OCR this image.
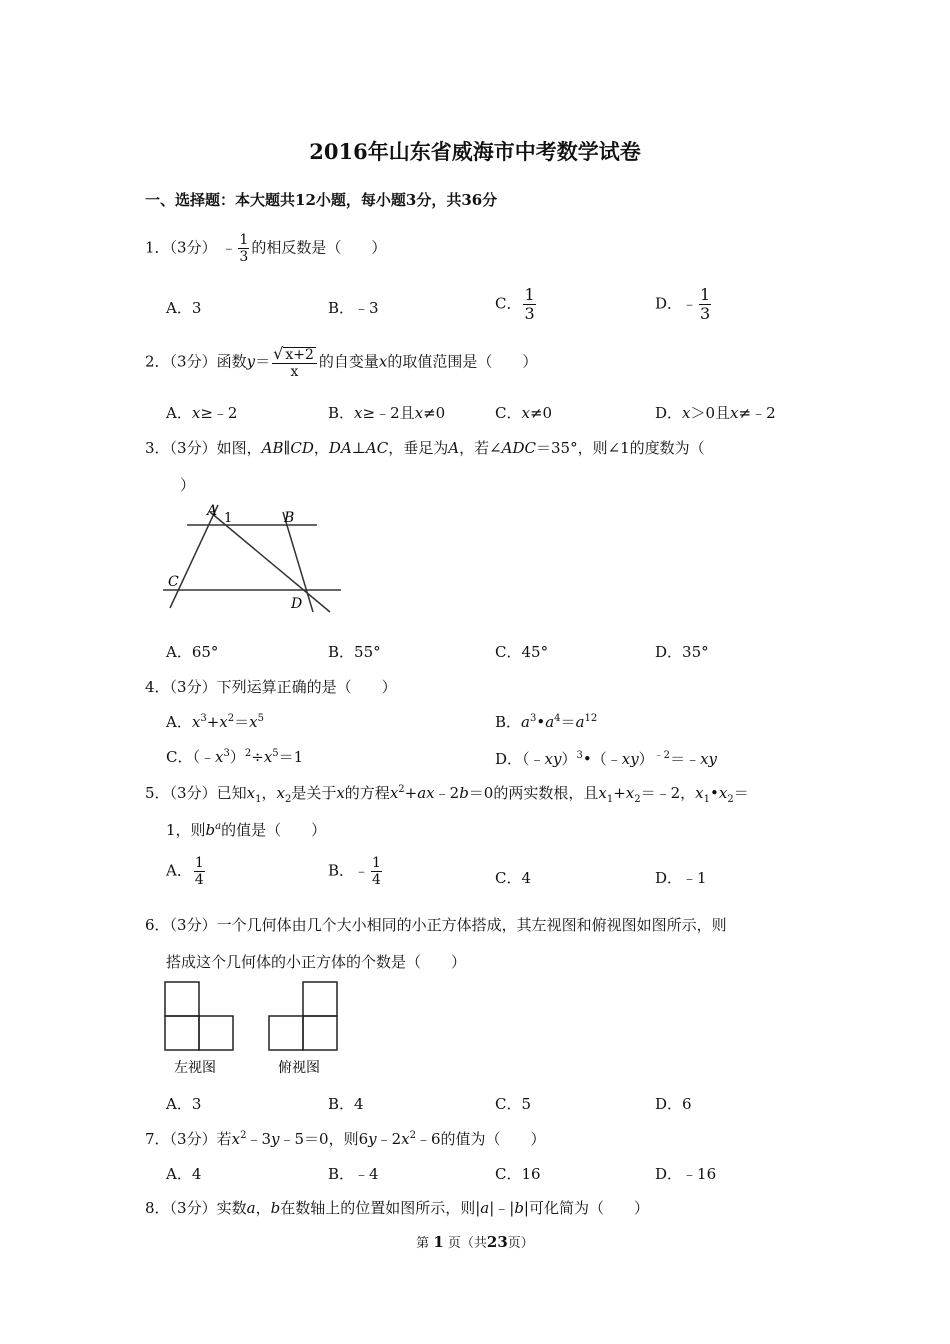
2016年山东省威海市中考数学试卷
一、选择题：本大题共12小题，每小题3分，共36分
1．（3分） ﹣ $\frac{1}{3}$ 的相反数是（　　）
A．3	B．﹣3	C． $\frac{1}{3}$	D．﹣ $\frac{1}{3}$
2．（3分）函数$y= \frac{√ x+2}{x}$ 的自变量x的取值范围是（　　）
A．x≥﹣2	B．x≥﹣2且x≠0	C．x≠0	D．x＞0且x≠﹣2
3．（3分）如图，AB∥CD，DA⊥AC，垂足为A，若∠ADC＝35°，则∠1的度数为（
）
A 1	B
C
D
A．65°	B．55°	C．45°	D．35°
4．（3分）下列运算正确的是（　　）
A．$x^3+x^2=x^5$	B．$a^3•a^4=a^{12}$
C．$(﹣x^3)^2\div x^5=1$	D．（﹣xy）$^3$•（﹣xy）$^{﹣2}$＝﹣xy
5．（3分）已知$x_1$，$x_2$是关于x的方程$x^2+ax﹣2b=0$的两实数根，且$x_1+x_2=﹣2$，$x_1•x_2=$
1，则$b^a$的值是（　　）
A． $\frac{1}{4}$	B．﹣ $\frac{1}{4}$	C．4	D．﹣1
6．（3分）一个几何体由几个大小相同的小正方体搭成，其左视图和俯视图如图所示，则
搭成这个几何体的小正方体的个数是（　　）
左视图	俯视图
A．3	B．4	C．5	D．6
7．（3分）若$x^2﹣3y﹣5=0$，则$6y﹣2x^2﹣6$的值为（　　）
A．4	B．﹣4	C．16	D．﹣16
8．（3分）实数a，b在数轴上的位置如图所示，则|a|﹣|b|可化简为（　　）
第 1 页（共23页）
